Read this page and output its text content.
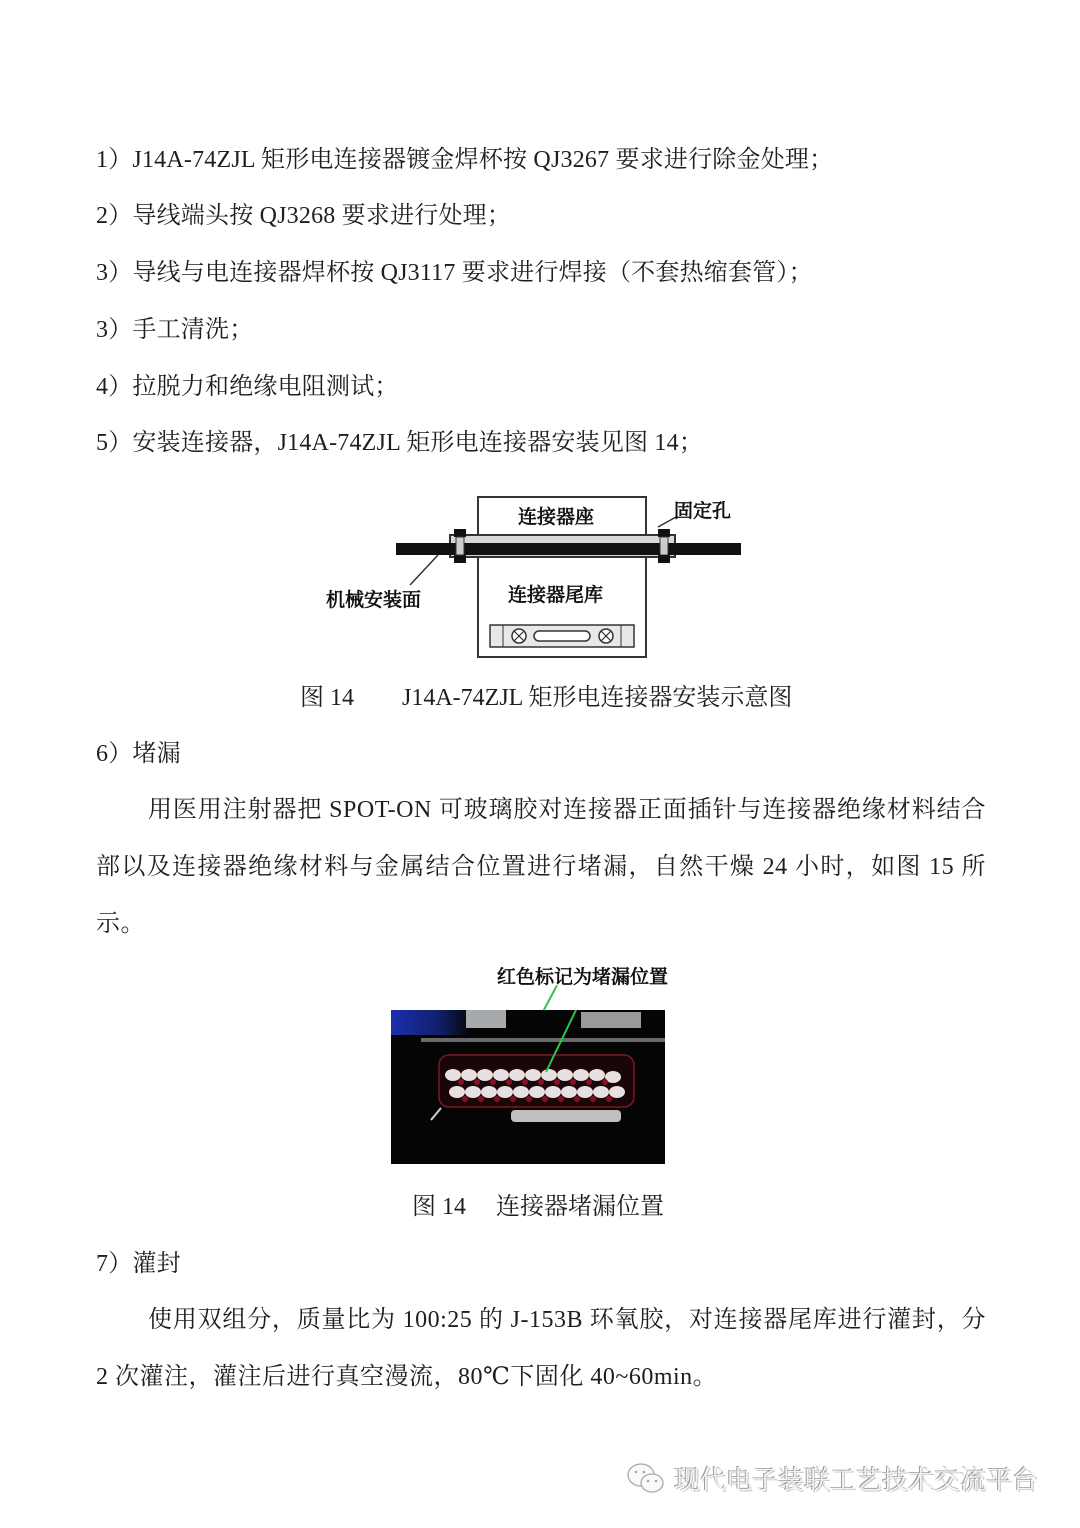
1）J14A-74ZJL 矩形电连接器镀金焊杯按 QJ3267 要求进行除金处理；
2）导线端头按 QJ3268 要求进行处理；
3）导线与电连接器焊杯按 QJ3117 要求进行焊接（不套热缩套管）；
3）手工清洗；
4）拉脱力和绝缘电阻测试；
5）安装连接器，J14A-74ZJL 矩形电连接器安装见图 14；
连接器座	固定孔
机械安装面	连接器尾库
图 14 J14A-74ZJL 矩形电连接器安装示意图
6）堵漏
用医用注射器把 SPOT-ON 可玻璃胶对连接器正面插针与连接器绝缘材料结合部以及连接器绝缘材料与金属结合位置进行堵漏，自然干燥 24 小时，如图 15 所示。
红色标记为堵漏位置
图 14 连接器堵漏位置
7）灌封
使用双组分，质量比为 100:25 的 J-153B 环氧胶，对连接器尾库进行灌封，分 2 次灌注，灌注后进行真空漫流，80℃下固化 40~60min。
现代电子装联工艺技术交流平台
